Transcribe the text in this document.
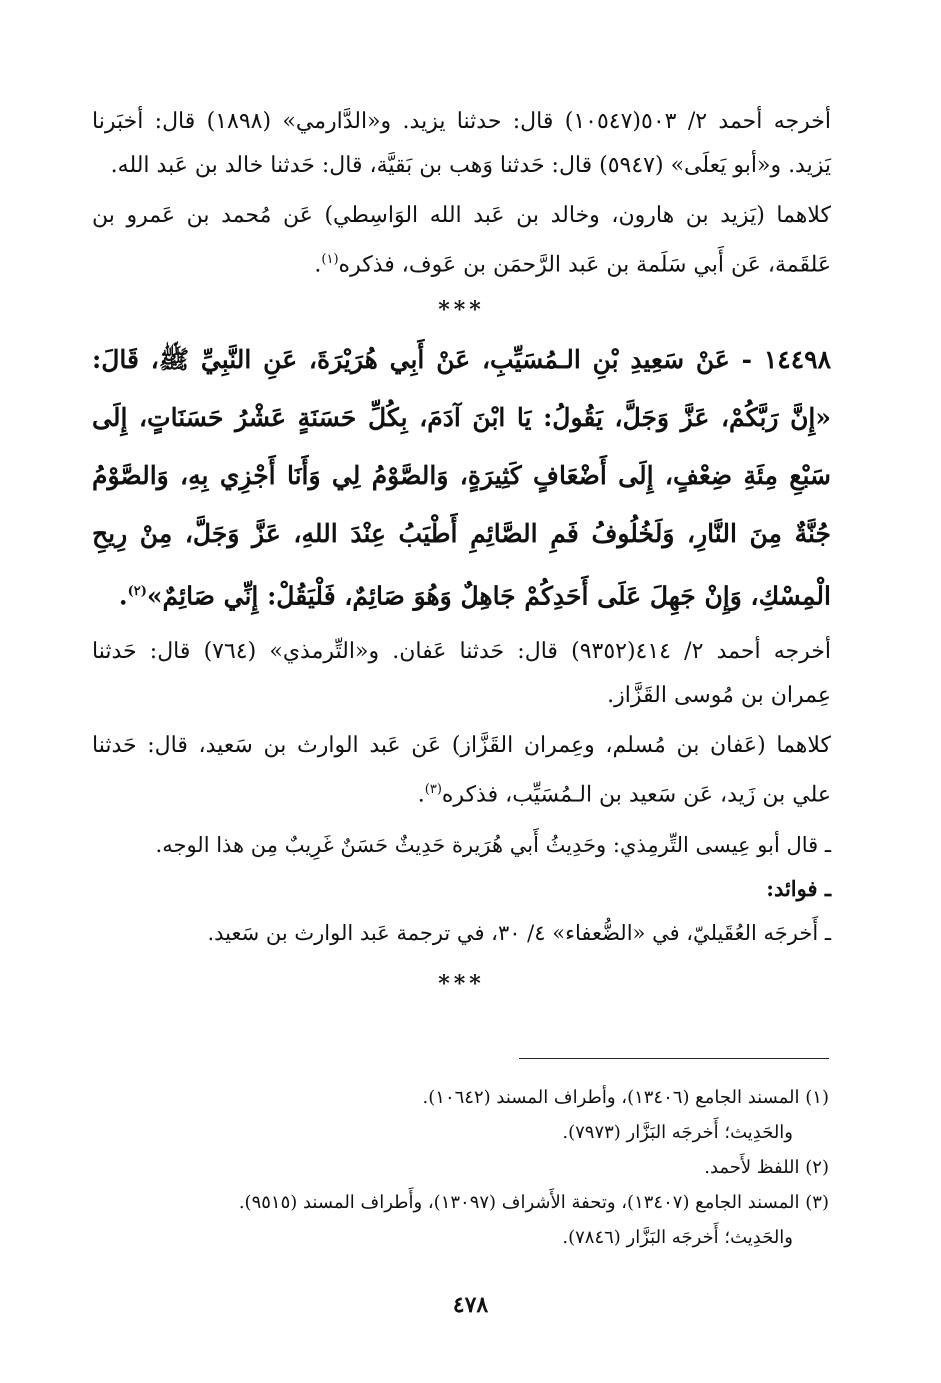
أخرجه أحمد ٢/ ٥٠٣(١٠٥٤٧) قال: حدثنا يزيد. و«الدَّارمي» (١٨٩٨) قال: أخبَرنا يَزيد. و«أبو يَعلَى» (٥٩٤٧) قال: حَدثنا وَهب بن بَقيَّة، قال: حَدثنا خالد بن عَبد الله.

كلاهما (يَزيد بن هارون، وخالد بن عَبد الله الوَاسِطي) عَن مُحمد بن عَمرو بن عَلقَمة، عَن أَبي سَلَمة بن عَبد الرَّحمَن بن عَوف، فذكره$^{(١)}$.

***

١٤٤٩٨ - عَنْ سَعِيدِ بْنِ الـمُسَيِّبِ، عَنْ أَبِي هُرَيْرَةَ، عَنِ النَّبِيِّ ﷺ، قَالَ: «إِنَّ رَبَّكُمْ، عَزَّ وَجَلَّ، يَقُولُ: يَا ابْنَ آدَمَ، بِكُلِّ حَسَنَةٍ عَشْرُ حَسَنَاتٍ، إِلَى سَبْعِ مِئَةِ ضِعْفٍ، إِلَى أَضْعَافٍ كَثِيرَةٍ، وَالصَّوْمُ لِي وَأَنَا أَجْزِي بِهِ، وَالصَّوْمُ جُنَّةٌ مِنَ النَّارِ، وَلَخُلُوفُ فَمِ الصَّائِمِ أَطْيَبُ عِنْدَ اللهِ، عَزَّ وَجَلَّ، مِنْ رِيحِ الْمِسْكِ، وَإِنْ جَهِلَ عَلَى أَحَدِكُمْ جَاهِلٌ وَهُوَ صَائِمٌ، فَلْيَقُلْ: إِنِّي صَائِمٌ»$^{(٢)}$.

أخرجه أحمد ٢/ ٤١٤(٩٣٥٢) قال: حَدثنا عَفان. و«التِّرمذي» (٧٦٤) قال: حَدثنا عِمران بن مُوسى القَزَّاز.

كلاهما (عَفان بن مُسلم، وعِمران القَزَّاز) عَن عَبد الوارث بن سَعيد، قال: حَدثنا علي بن زَيد، عَن سَعيد بن الـمُسَيِّب، فذكره$^{(٣)}$.

ـ قال أبو عِيسى التِّرمِذي: وحَدِيثُ أَبي هُرَيرة حَدِيثٌ حَسَنٌ غَرِيبٌ مِن هذا الوجه.

ـ فوائد:

ـ أَخرجَه العُقَيليّ، في «الضُّعفاء» ٤/ ٣٠، في ترجمة عَبد الوارث بن سَعيد.

***

(١) المسند الجامع (١٣٤٠٦)، وأطراف المسند (١٠٦٤٢).

والحَدِيث؛ أَخرجَه البَزَّار (٧٩٧٣).

(٢) اللفظ لأَحمد.

(٣) المسند الجامع (١٣٤٠٧)، وتحفة الأَشراف (١٣٠٩٧)، وأَطراف المسند (٩٥١٥).

والحَدِيث؛ أَخرجَه البَزَّار (٧٨٤٦).

٤٧٨
